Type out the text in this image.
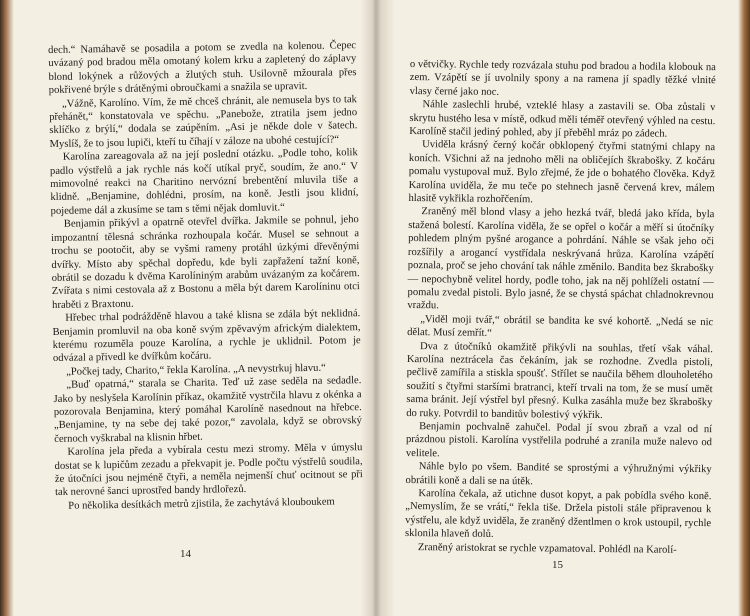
dech.“ Namáhavě se posadila a potom se zvedla na kolenou. Čepec uvázaný pod bradou měla omotaný kolem krku a zapletený do záplavy blond lokýnek a růžových a žlutých stuh. Usilovně mžourala přes pokřivené brýle s drátěnými obroučkami a snažila se upravit.

„Vážně, Karolíno. Vím, že mě chceš chránit, ale nemusela bys to tak přehánět,“ konstatovala ve spěchu. „Panebože, ztratila jsem jedno sklíčko z brýlí,“ dodala se zaúpěním. „Asi je někde dole v šatech. Myslíš, že to jsou lupiči, kteří tu číhají v záloze na ubohé cestující?“

Karolína zareagovala až na její poslední otázku. „Podle toho, kolik padlo výstřelů a jak rychle nás kočí utíkal pryč, soudím, že ano.“ V mimovolné reakci na Charitino nervózní brebentění mluvila tiše a klidně. „Benjamine, dohlédni, prosím, na koně. Jestli jsou klidní, pojedeme dál a zkusíme se tam s těmi nějak domluvit.“

Benjamin přikývl a opatrně otevřel dvířka. Jakmile se pohnul, jeho impozantní tělesná schránka rozhoupala kočár. Musel se sehnout a trochu se pootočit, aby se vyšmi rameny protáhl úzkými dřevěnými dvířky. Místo aby spěchal dopředu, kde byli zapřažení tažní koně, obrátil se dozadu k dvěma Karolíniným arabům uvázaným za kočárem. Zvířata s nimi cestovala až z Bostonu a měla být darem Karolíninu otci hraběti z Braxtonu.

Hřebec trhal podrážděně hlavou a také klisna se zdála být neklidná. Benjamin promluvil na oba koně svým zpěvavým africkým dialektem, kterému rozuměla pouze Karolína, a rychle je uklidnil. Potom je odvázal a přivedl ke dvířkům kočáru.

„Počkej tady, Charito,“ řekla Karolína. „A nevystrkuj hlavu.“

„Buď opatrná,“ starala se Charita. Teď už zase seděla na sedadle. Jako by neslyšela Karolínin příkaz, okamžitě vystrčila hlavu z okénka a pozorovala Benjamina, který pomáhal Karolíně nasednout na hřebce. „Benjamine, ty na sebe dej také pozor,“ zavolala, když se obrovský černoch vyškrabal na klisnin hřbet.

Karolína jela předa a vybírala cestu mezi stromy. Měla v úmyslu dostat se k lupičům zezadu a překvapit je. Podle počtu výstřelů soudila, že útočníci jsou nejméně čtyři, a neměla nejmenší chuť ocitnout se při tak nerovné šanci uprostřed bandy hrdlořezů.

Po několika desítkách metrů zjistila, že zachytává klouboukem

14

o větvičky. Rychle tedy rozvázala stuhu pod bradou a hodila klobouk na zem. Vzápětí se jí uvolnily spony a na ramena jí spadly těžké vlnité vlasy černé jako noc.

Náhle zaslechli hrubé, vzteklé hlasy a zastavili se. Oba zůstali v skrytu hustého lesa v místě, odkud měli téměř otevřený výhled na cestu. Karolíně stačil jediný pohled, aby jí přeběhl mráz po zádech.

Uviděla krásný černý kočár obklopený čtyřmi statnými chlapy na koních. Všichni až na jednoho měli na obličejích škrabošky. Z kočáru pomalu vystupoval muž. Bylo zřejmé, že jde o bohatého člověka. Když Karolína uviděla, že mu teče po stehnech jasně červená krev, málem hlasitě vykřikla rozhořčením.

Zraněný měl blond vlasy a jeho hezká tvář, bledá jako křída, byla stažená bolestí. Karolína viděla, že se opřel o kočár a měří si útočníky pohledem plným pyšné arogance a pohrdání. Náhle se však jeho oči rozšířily a arogancí vystřídala neskrývaná hrůza. Karolína vzápětí poznala, proč se jeho chování tak náhle změnilo. Bandita bez škrabošky — nepochybně velitel hordy, podle toho, jak na něj pohlíželi ostatní — pomalu zvedal pistoli. Bylo jasné, že se chystá spáchat chladnokrevnou vraždu.

„Viděl moji tvář,“ obrátil se bandita ke své kohortě. „Nedá se nic dělat. Musí zemřít.“

Dva z útočníků okamžitě přikývli na souhlas, třetí však váhal. Karolína neztrácela čas čekáním, jak se rozhodne. Zvedla pistoli, pečlivě zamířila a stiskla spoušť. Střílet se naučila během dlouholetého soužití s čtyřmi staršími bratranci, kteří trvali na tom, že se musí umět sama bránit. Její výstřel byl přesný. Kulka zasáhla muže bez škrabošky do ruky. Potvrdil to banditův bolestivý výkřik.

Benjamin pochvalně zahučel. Podal jí svou zbraň a vzal od ní prázdnou pistoli. Karolína vystřelila podruhé a zranila muže nalevo od velitele.

Náhle bylo po všem. Bandité se sprostými a výhružnými výkřiky obrátili koně a dali se na útěk.

Karolína čekala, až utichne dusot kopyt, a pak pobídla svého koně. „Nemyslím, že se vrátí,“ řekla tiše. Držela pistoli stále připravenou k výstřelu, ale když uviděla, že zraněný džentlmen o krok ustoupil, rychle sklonila hlaveň dolů.

Zraněný aristokrat se rychle vzpamatoval. Pohlédl na Karolí-

15
